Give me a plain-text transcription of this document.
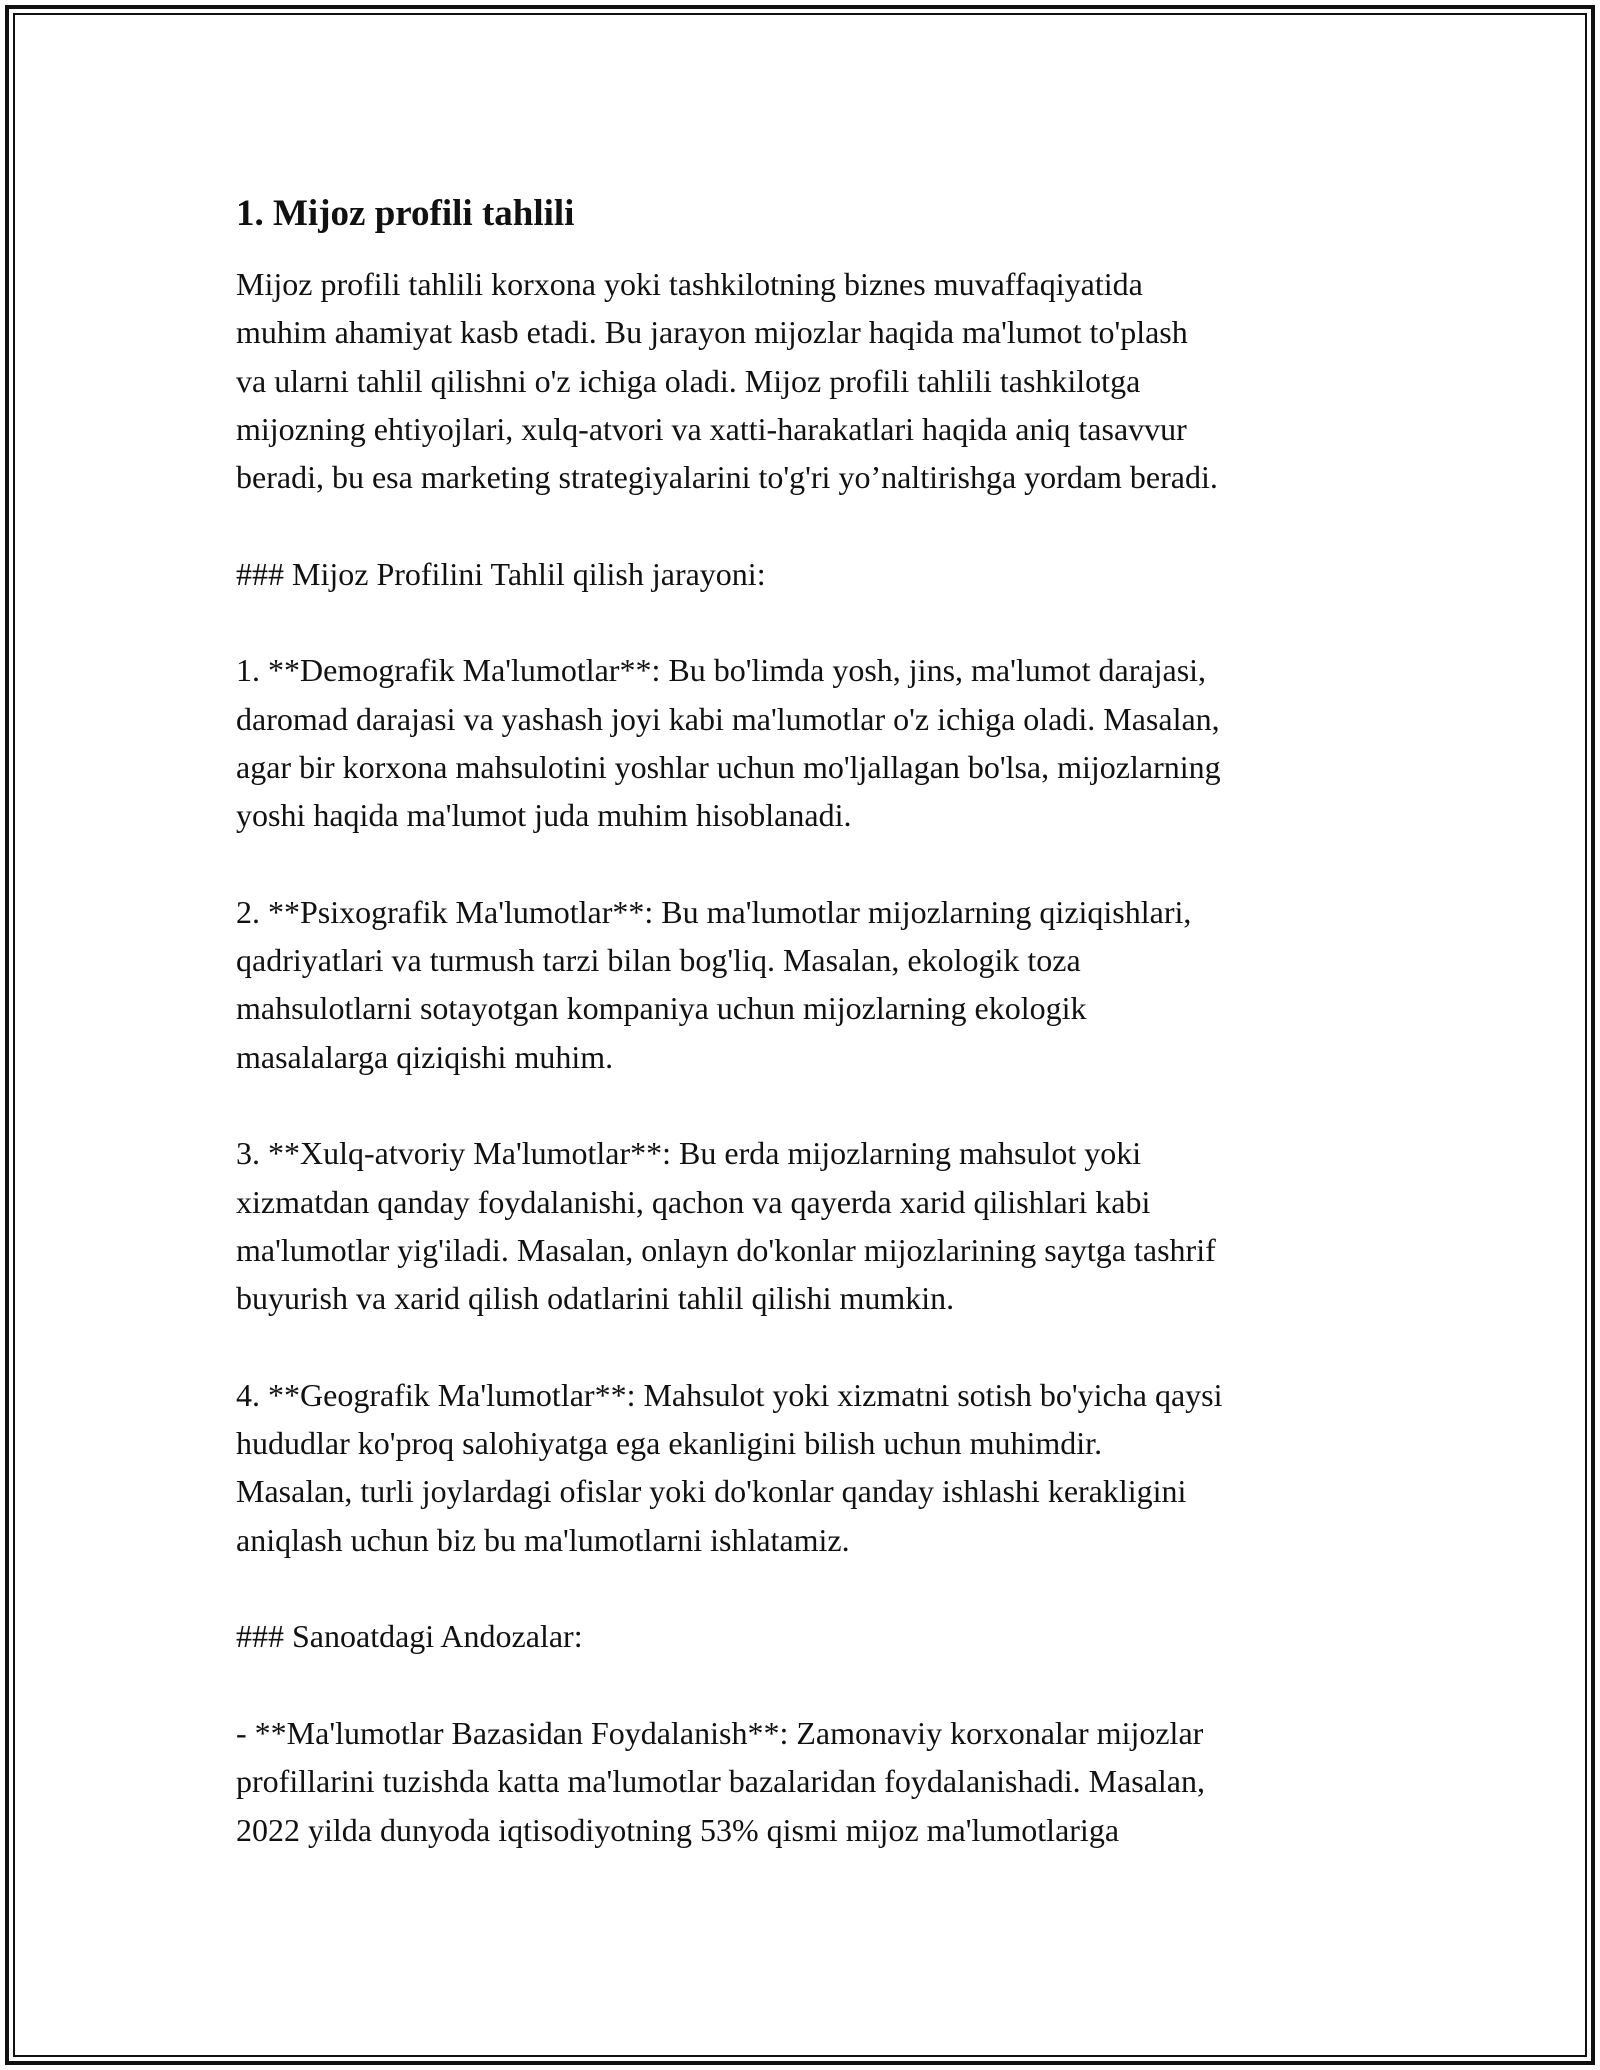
1. Mijoz profili tahlili
Mijoz profili tahlili korxona yoki tashkilotning biznes muvaffaqiyatida
muhim ahamiyat kasb etadi. Bu jarayon mijozlar haqida ma'lumot to'plash
va ularni tahlil qilishni o'z ichiga oladi. Mijoz profili tahlili tashkilotga
mijozning ehtiyojlari, xulq-atvori va xatti-harakatlari haqida aniq tasavvur
beradi, bu esa marketing strategiyalarini to'g'ri yo’naltirishga yordam beradi.
### Mijoz Profilini Tahlil qilish jarayoni:
1. **Demografik Ma'lumotlar**: Bu bo'limda yosh, jins, ma'lumot darajasi,
daromad darajasi va yashash joyi kabi ma'lumotlar o'z ichiga oladi. Masalan,
agar bir korxona mahsulotini yoshlar uchun mo'ljallagan bo'lsa, mijozlarning
yoshi haqida ma'lumot juda muhim hisoblanadi.
2. **Psixografik Ma'lumotlar**: Bu ma'lumotlar mijozlarning qiziqishlari,
qadriyatlari va turmush tarzi bilan bog'liq. Masalan, ekologik toza
mahsulotlarni sotayotgan kompaniya uchun mijozlarning ekologik
masalalarga qiziqishi muhim.
3. **Xulq-atvoriy Ma'lumotlar**: Bu erda mijozlarning mahsulot yoki
xizmatdan qanday foydalanishi, qachon va qayerda xarid qilishlari kabi
ma'lumotlar yig'iladi. Masalan, onlayn do'konlar mijozlarining saytga tashrif
buyurish va xarid qilish odatlarini tahlil qilishi mumkin.
4. **Geografik Ma'lumotlar**: Mahsulot yoki xizmatni sotish bo'yicha qaysi
hududlar ko'proq salohiyatga ega ekanligini bilish uchun muhimdir.
Masalan, turli joylardagi ofislar yoki do'konlar qanday ishlashi kerakligini
aniqlash uchun biz bu ma'lumotlarni ishlatamiz.
### Sanoatdagi Andozalar:
- **Ma'lumotlar Bazasidan Foydalanish**: Zamonaviy korxonalar mijozlar
profillarini tuzishda katta ma'lumotlar bazalaridan foydalanishadi. Masalan,
2022 yilda dunyoda iqtisodiyotning 53% qismi mijoz ma'lumotlariga
